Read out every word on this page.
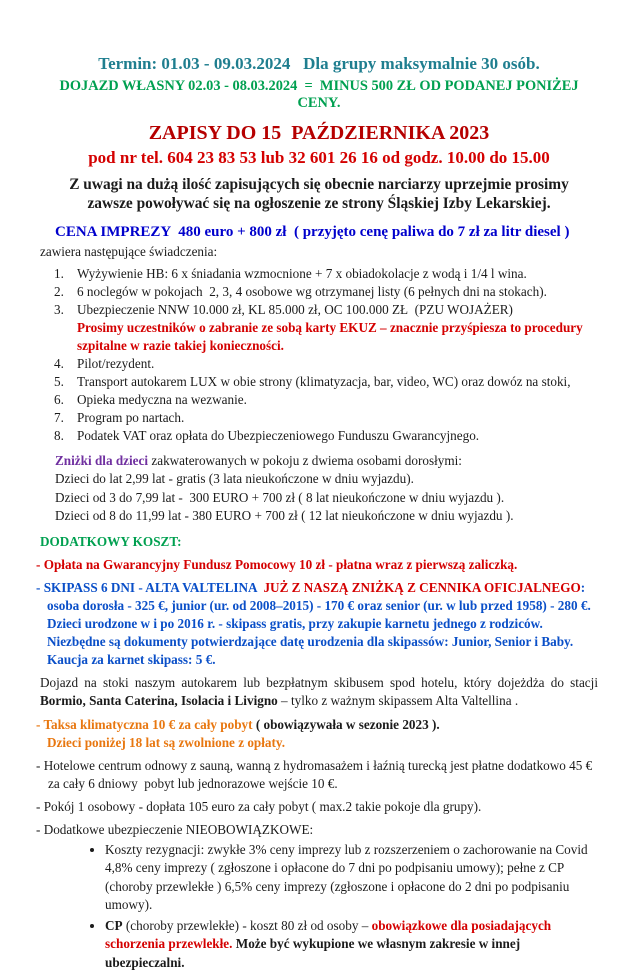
Termin: 01.03 - 09.03.2024   Dla grupy maksymalnie 30 osób.

DOJAZD WŁASNY 02.03 - 08.03.2024  =  MINUS 500 ZŁ OD PODANEJ PONIŻEJ CENY.

ZAPISY DO 15  PAŹDZIERNIKA 2023

pod nr tel. 604 23 83 53 lub 32 601 26 16 od godz. 10.00 do 15.00

Z uwagi na dużą ilość zapisujących się obecnie narciarzy uprzejmie prosimy
zawsze powoływać się na ogłoszenie ze strony Śląskiej Izby Lekarskiej.

CENA IMPREZY  480 euro + 800 zł  ( przyjęto cenę paliwa do 7 zł za litr diesel )

zawiera następujące świadczenia:

1. Wyżywienie HB: 6 x śniadania wzmocnione + 7 x obiadokolacje z wodą i 1/4 l wina.
2. 6 noclegów w pokojach  2, 3, 4 osobowe wg otrzymanej listy (6 pełnych dni na stokach).
3. Ubezpieczenie NNW 10.000 zł, KL 85.000 zł, OC 100.000 ZŁ  (PZU WOJAŻER)
Prosimy uczestników o zabranie ze sobą karty EKUZ – znacznie przyśpiesza to procedury szpitalne w razie takiej konieczności.
4. Pilot/rezydent.
5. Transport autokarem LUX w obie strony (klimatyzacja, bar, video, WC) oraz dowóz na stoki,
6. Opieka medyczna na wezwanie.
7. Program po nartach.
8. Podatek VAT oraz opłata do Ubezpieczeniowego Funduszu Gwarancyjnego.

Zniżki dla dzieci zakwaterowanych w pokoju z dwiema osobami dorosłymi:

Dzieci do lat 2,99 lat - gratis (3 lata nieukończone w dniu wyjazdu).

Dzieci od 3 do 7,99 lat -  300 EURO + 700 zł ( 8 lat nieukończone w dniu wyjazdu ).

Dzieci od 8 do 11,99 lat - 380 EURO + 700 zł ( 12 lat nieukończone w dniu wyjazdu ).

DODATKOWY KOSZT:

- Opłata na Gwarancyjny Fundusz Pomocowy 10 zł - płatna wraz z pierwszą zaliczką.

- SKIPASS 6 DNI - ALTA VALTELINA  JUŻ Z NASZĄ ZNIŻKĄ Z CENNIKA OFICJALNEGO:

osoba dorosła - 325 €, junior (ur. od 2008–2015) - 170 € oraz senior (ur. w lub przed 1958) - 280 €.

Dzieci urodzone w i po 2016 r. - skipass gratis, przy zakupie karnetu jednego z rodziców.

Niezbędne są dokumenty potwierdzające datę urodzenia dla skipassów: Junior, Senior i Baby.

Kaucja za karnet skipass: 5 €.

Dojazd na stoki naszym autokarem lub bezpłatnym skibusem spod hotelu, który dojeżdża do stacji Bormio, Santa Caterina, Isolacia i Livigno – tylko z ważnym skipassem Alta Valtellina .

- Taksa klimatyczna 10 € za cały pobyt ( obowiązywała w sezonie 2023 ).

Dzieci poniżej 18 lat są zwolnione z opłaty.

- Hotelowe centrum odnowy z sauną, wanną z hydromasażem i łaźnią turecką jest płatne dodatkowo 45 €  za cały 6 dniowy  pobyt lub jednorazowe wejście 10 €.

- Pokój 1 osobowy - dopłata 105 euro za cały pobyt ( max.2 takie pokoje dla grupy).

- Dodatkowe ubezpieczenie NIEOBOWIĄZKOWE:

• Koszty rezygnacji: zwykłe 3% ceny imprezy lub z rozszerzeniem o zachorowanie na Covid 4,8% ceny imprezy ( zgłoszone i opłacone do 7 dni po podpisaniu umowy); pełne z CP (choroby przewlekłe ) 6,5% ceny imprezy (zgłoszone i opłacone do 2 dni po podpisaniu umowy).
• CP (choroby przewlekłe) - koszt 80 zł od osoby – obowiązkowe dla posiadających schorzenia przewlekłe. Może być wykupione we własnym zakresie w innej ubezpieczalni.
